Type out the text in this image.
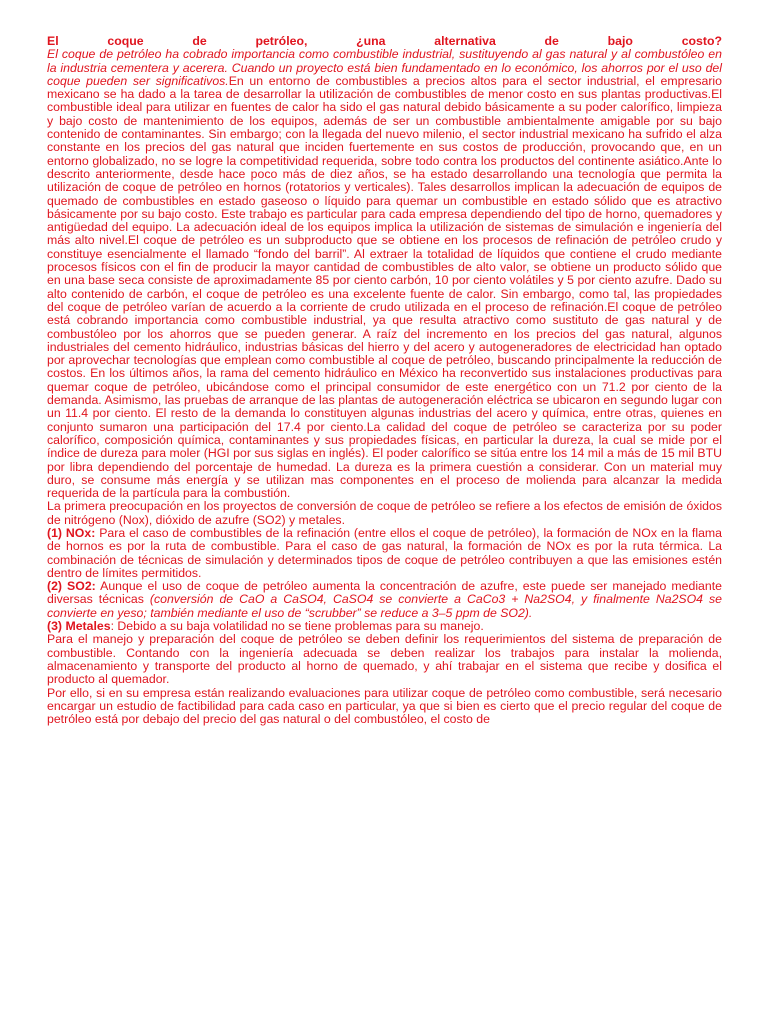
El coque de petróleo, ¿una alternativa de bajo costo?

El coque de petróleo ha cobrado importancia como combustible industrial, sustituyendo al gas natural y al combustóleo en la industria cementera y acerera. Cuando un proyecto está bien fundamentado en lo económico, los ahorros por el uso del coque pueden ser significativos.En un entorno de combustibles a precios altos para el sector industrial, el empresario mexicano se ha dado a la tarea de desarrollar la utilización de combustibles de menor costo en sus plantas productivas.El combustible ideal para utilizar en fuentes de calor ha sido el gas natural debido básicamente a su poder calorífico, limpieza y bajo costo de mantenimiento de los equipos, además de ser un combustible ambientalmente amigable por su bajo contenido de contaminantes. Sin embargo; con la llegada del nuevo milenio, el sector industrial mexicano ha sufrido el alza constante en los precios del gas natural que inciden fuertemente en sus costos de producción, provocando que, en un entorno globalizado, no se logre la competitividad requerida, sobre todo contra los productos del continente asiático.Ante lo descrito anteriormente, desde hace poco más de diez años, se ha estado desarrollando una tecnología que permita la utilización de coque de petróleo en hornos (rotatorios y verticales). Tales desarrollos implican la adecuación de equipos de quemado de combustibles en estado gaseoso o líquido para quemar un combustible en estado sólido que es atractivo básicamente por su bajo costo. Este trabajo es particular para cada empresa dependiendo del tipo de horno, quemadores y antigüedad del equipo. La adecuación ideal de los equipos implica la utilización de sistemas de simulación e ingeniería del más alto nivel.El coque de petróleo es un subproducto que se obtiene en los procesos de refinación de petróleo crudo y constituye esencialmente el llamado “fondo del barril”. Al extraer la totalidad de líquidos que contiene el crudo mediante procesos físicos con el fin de producir la mayor cantidad de combustibles de alto valor, se obtiene un producto sólido que en una base seca consiste de aproximadamente 85 por ciento carbón, 10 por ciento volátiles y 5 por ciento azufre. Dado su alto contenido de carbón, el coque de petróleo es una excelente fuente de calor. Sin embargo, como tal, las propiedades del coque de petróleo varían de acuerdo a la corriente de crudo utilizada en el proceso de refinación.El coque de petróleo está cobrando importancia como combustible industrial, ya que resulta atractivo como sustituto de gas natural y de combustóleo por los ahorros que se pueden generar. A raíz del incremento en los precios del gas natural, algunos industriales del cemento hidráulico, industrias básicas del hierro y del acero y autogeneradores de electricidad han optado por aprovechar tecnologías que emplean como combustible al coque de petróleo, buscando principalmente la reducción de costos. En los últimos años, la rama del cemento hidráulico en México ha reconvertido sus instalaciones productivas para quemar coque de petróleo, ubicándose como el principal consumidor de este energético con un 71.2 por ciento de la demanda. Asimismo, las pruebas de arranque de las plantas de autogeneración eléctrica se ubicaron en segundo lugar con un 11.4 por ciento. El resto de la demanda lo constituyen algunas industrias del acero y química, entre otras, quienes en conjunto sumaron una participación del 17.4 por ciento.La calidad del coque de petróleo se caracteriza por su poder calorífico, composición química, contaminantes y sus propiedades físicas, en particular la dureza, la cual se mide por el índice de dureza para moler (HGI por sus siglas en inglés). El poder calorífico se sitúa entre los 14 mil a más de 15 mil BTU por libra dependiendo del porcentaje de humedad. La dureza es la primera cuestión a considerar. Con un material muy duro, se consume más energía y se utilizan mas componentes en el proceso de molienda para alcanzar la medida requerida de la partícula para la combustión.

La primera preocupación en los proyectos de conversión de coque de petróleo se refiere a los efectos de emisión de óxidos de nitrógeno (Nox), dióxido de azufre (SO2) y metales.

(1) NOx: Para el caso de combustibles de la refinación (entre ellos el coque de petróleo), la formación de NOx en la flama de hornos es por la ruta de combustible. Para el caso de gas natural, la formación de NOx es por la ruta térmica. La combinación de técnicas de simulación y determinados tipos de coque de petróleo contribuyen a que las emisiones estén dentro de límites permitidos.

(2) SO2: Aunque el uso de coque de petróleo aumenta la concentración de azufre, este puede ser manejado mediante diversas técnicas (conversión de CaO a CaSO4, CaSO4 se convierte a CaCo3 + Na2SO4, y finalmente Na2SO4 se convierte en yeso; también mediante el uso de “scrubber” se reduce a 3–5 ppm de SO2).

(3) Metales: Debido a su baja volatilidad no se tiene problemas para su manejo.

Para el manejo y preparación del coque de petróleo se deben definir los requerimientos del sistema de preparación de combustible. Contando con la ingeniería adecuada se deben realizar los trabajos para instalar la molienda, almacenamiento y transporte del producto al horno de quemado, y ahí trabajar en el sistema que recibe y dosifica el producto al quemador.

Por ello, si en su empresa están realizando evaluaciones para utilizar coque de petróleo como combustible, será necesario encargar un estudio de factibilidad para cada caso en particular, ya que si bien es cierto que el precio regular del coque de petróleo está por debajo del precio del gas natural o del combustóleo, el costo de
